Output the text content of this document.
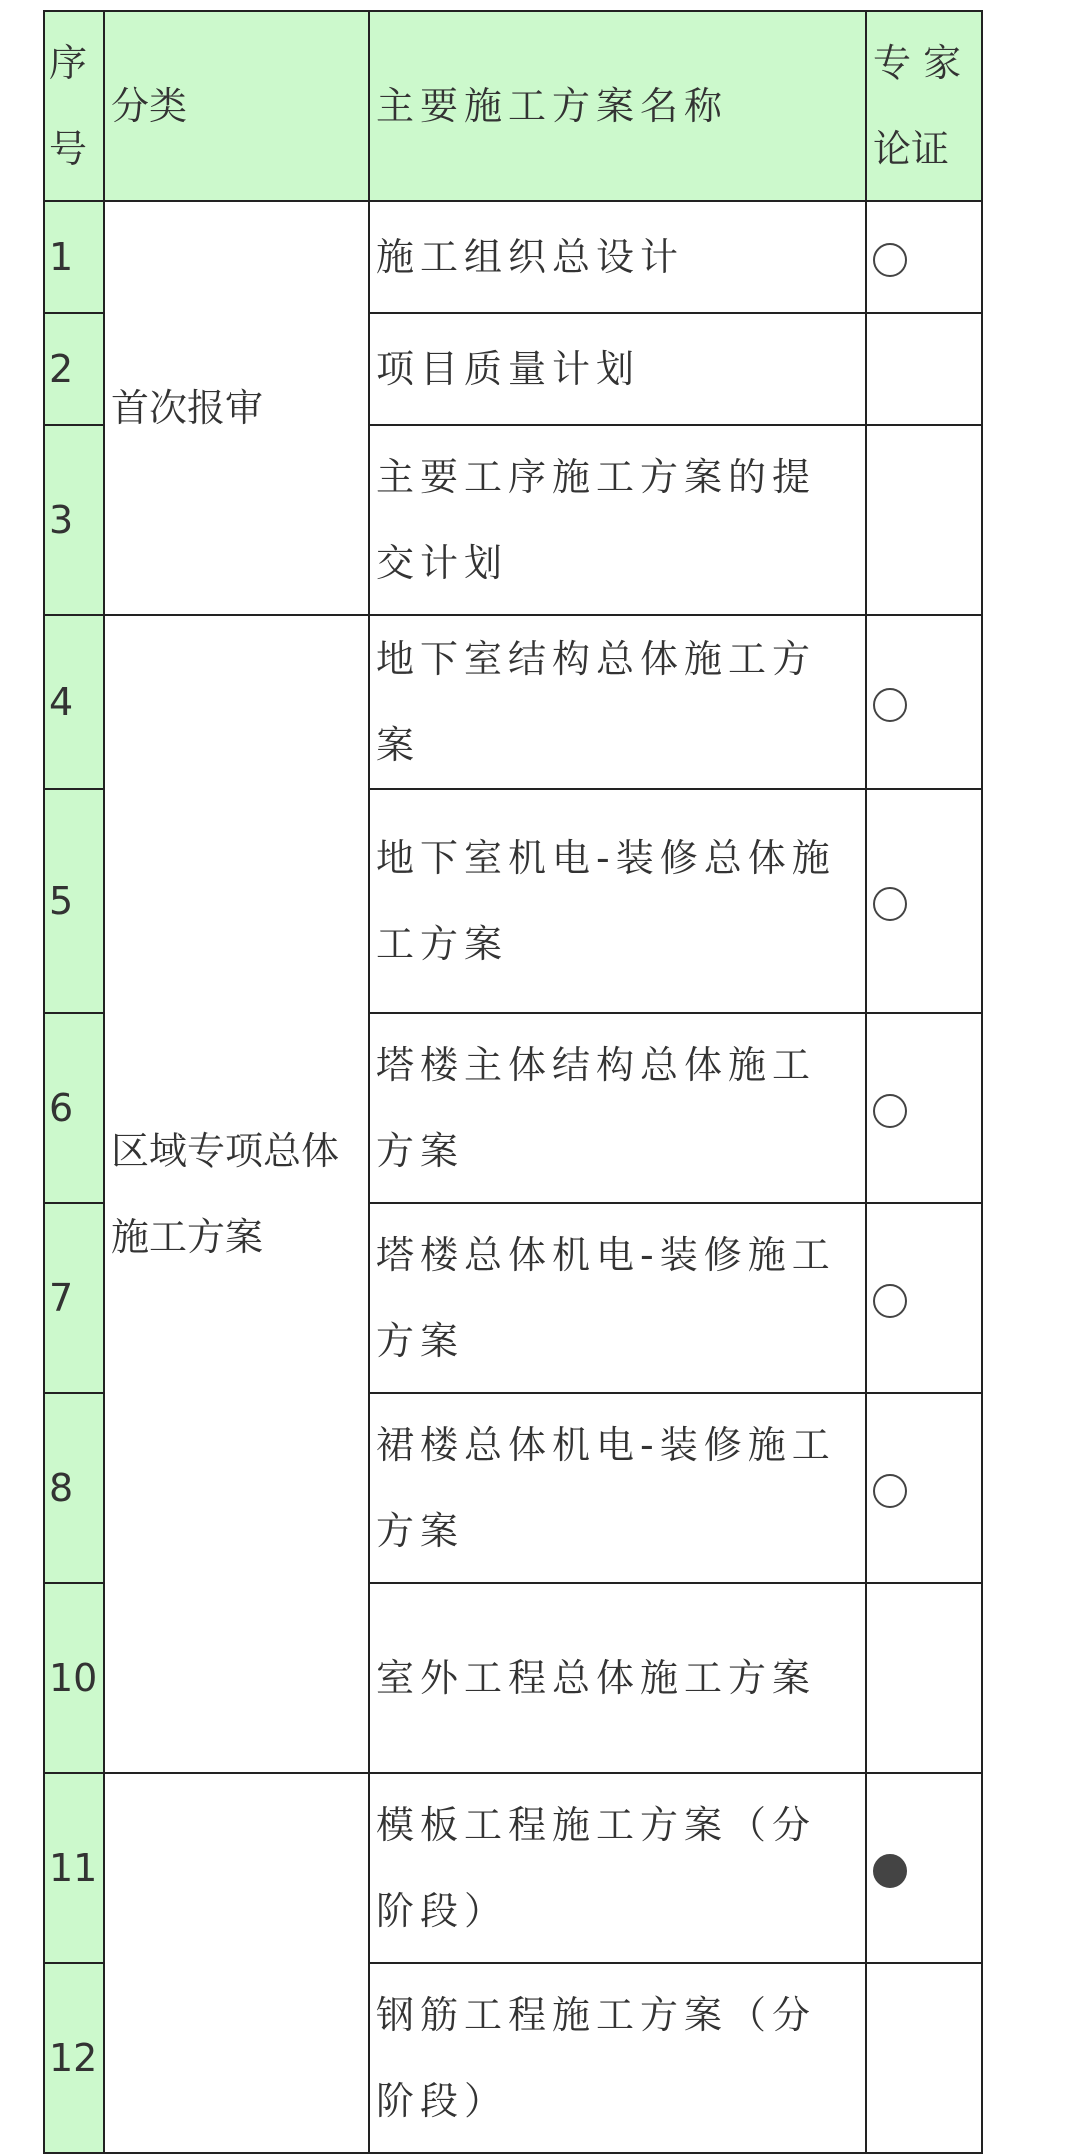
序号	分类	主要施工方案名称	专 家 论证
1	首次报审	施工组织总设计	
2		项目质量计划	
3		主要工序施工方案的提交计划	
4	区域专项总体施工方案	地下室结构总体施工方案	
5		地下室机电-装修总体施工方案	
6		塔楼主体结构总体施工方案	
7		塔楼总体机电-装修施工方案	
8		裙楼总体机电-装修施工方案	
10		室外工程总体施工方案	
11		模板工程施工方案（分阶段）	
12		钢筋工程施工方案（分阶段）	
